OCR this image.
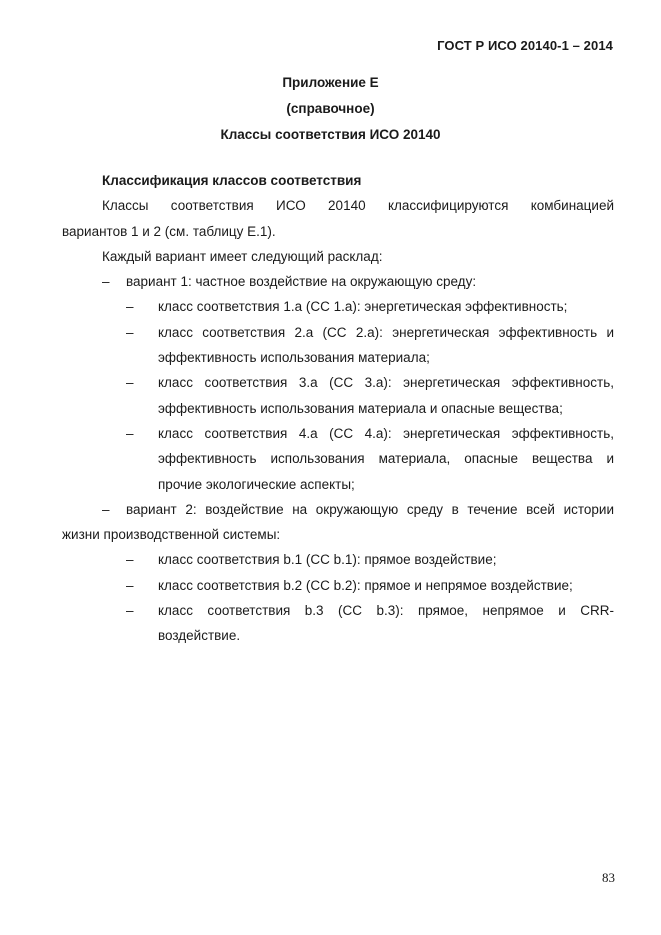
ГОСТ Р ИСО 20140-1 – 2014
Приложение Е
(справочное)
Классы соответствия ИСО 20140
Классификация классов соответствия
Классы соответствия ИСО 20140 классифицируются комбинацией
вариантов 1 и 2 (см. таблицу Е.1).
Каждый вариант имеет следующий расклад:
– вариант 1: частное воздействие на окружающую среду:
– класс соответствия 1.a (CC 1.a): энергетическая эффективность;
– класс соответствия 2.a (CC 2.a): энергетическая эффективность и
эффективность использования материала;
– класс соответствия 3.a (CC 3.a): энергетическая эффективность,
эффективность использования материала и опасные вещества;
– класс соответствия 4.a (CC 4.a): энергетическая эффективность,
эффективность использования материала, опасные вещества и
прочие экологические аспекты;
– вариант 2: воздействие на окружающую среду в течение всей истории
жизни производственной системы:
– класс соответствия b.1 (CC b.1): прямое воздействие;
– класс соответствия b.2 (CC b.2): прямое и непрямое воздействие;
– класс соответствия b.3 (CC b.3): прямое, непрямое и CRR-
воздействие.
83
